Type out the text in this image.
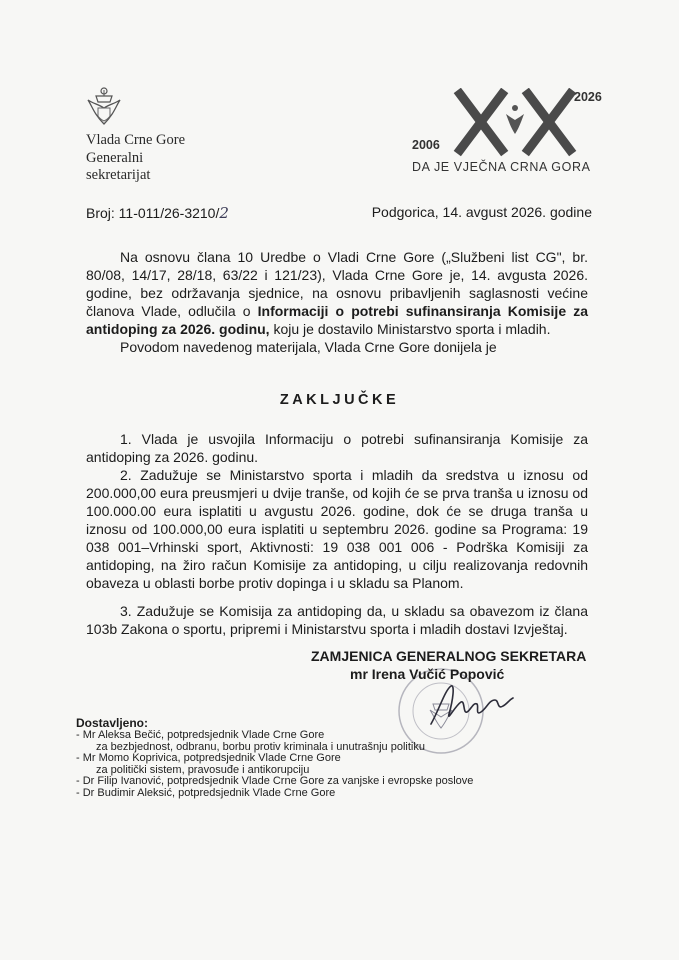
Vlada Crne Gore
Generalni
sekretarijat
2006
2026
DA JE VJEČNA CRNA GORA
Broj: 11-011/26-3210/2	Podgorica, 14. avgust 2026. godine
Na osnovu člana 10 Uredbe o Vladi Crne Gore („Službeni list CG", br. 80/08, 14/17, 28/18, 63/22 i 121/23), Vlada Crne Gore je, 14. avgusta 2026. godine, bez održavanja sjednice, na osnovu pribavljenih saglasnosti većine članova Vlade, odlučila o Informaciji o potrebi sufinansiranja Komisije za antidoping za 2026. godinu, koju je dostavilo Ministarstvo sporta i mladih.
Povodom navedenog materijala, Vlada Crne Gore donijela je
ZAKLJUČKE
1. Vlada je usvojila Informaciju o potrebi sufinansiranja Komisije za antidoping za 2026. godinu.
2. Zadužuje se Ministarstvo sporta i mladih da sredstva u iznosu od 200.000,00 eura preusmjeri u dvije tranše, od kojih će se prva tranša u iznosu od 100.000.00 eura isplatiti u avgustu 2026. godine, dok će se druga tranša u iznosu od 100.000,00 eura isplatiti u septembru 2026. godine sa Programa: 19 038 001–Vrhinski sport, Aktivnosti: 19 038 001 006 - Podrška Komisiji za antidoping, na žiro račun Komisije za antidoping, u cilju realizovanja redovnih obaveza u oblasti borbe protiv dopinga i u skladu sa Planom.
3. Zadužuje se Komisija za antidoping da, u skladu sa obavezom iz člana 103b Zakona o sportu, pripremi i Ministarstvu sporta i mladih dostavi Izvještaj.
ZAMJENICA GENERALNOG SEKRETARA
mr Irena Vučić Popović
Dostavljeno:
- Mr Aleksa Bečić, potpredsjednik Vlade Crne Gore
za bezbjednost, odbranu, borbu protiv kriminala i unutrašnju politiku
- Mr Momo Koprivica, potpredsjednik Vlade Crne Gore
za politički sistem, pravosuđe i antikorupciju
- Dr Filip Ivanović, potpredsjednik Vlade Crne Gore za vanjske i evropske poslove
- Dr Budimir Aleksić, potpredsjednik Vlade Crne Gore
